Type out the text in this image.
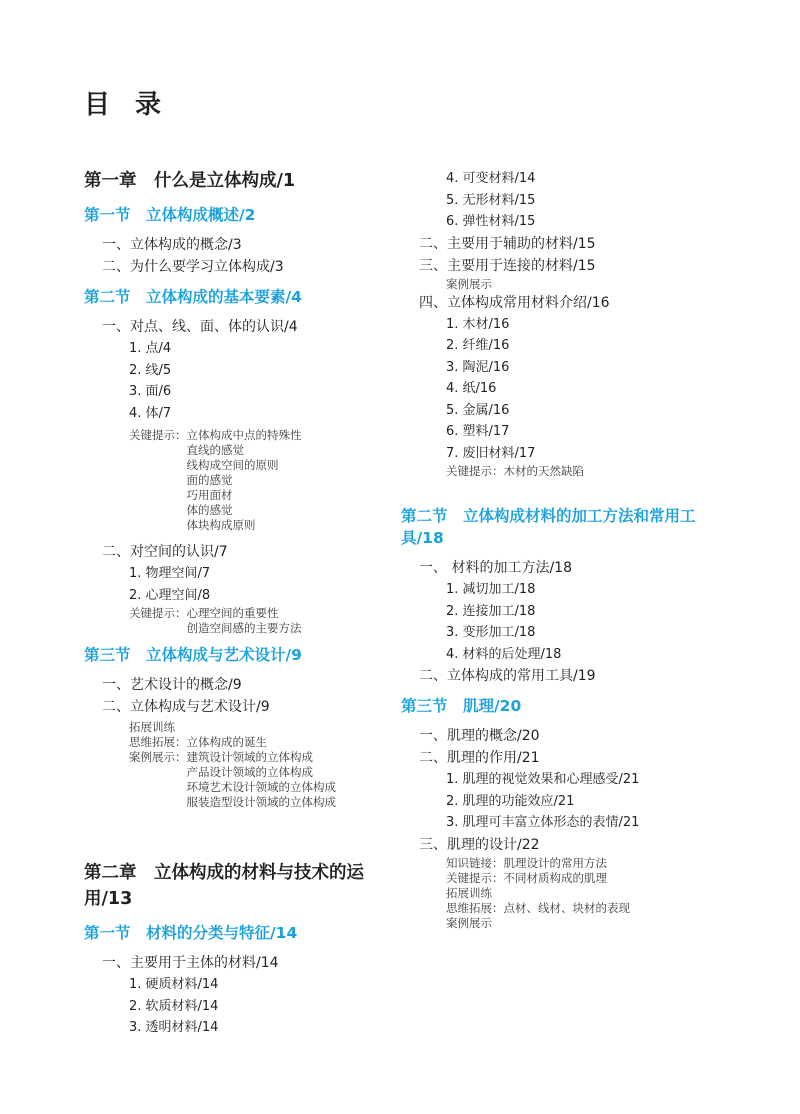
目 录
第一章　什么是立体构成/1
第一节　立体构成概述/2
一、立体构成的概念/3
二、为什么要学习立体构成/3
第二节　立体构成的基本要素/4
一、对点、线、面、体的认识/4
1. 点/4
2. 线/5
3. 面/6
4. 体/7
关键提示： 立体构成中点的特殊性
直线的感觉
线构成空间的原则
面的感觉
巧用面材
体的感觉
体块构成原则
二、对空间的认识/7
1. 物理空间/7
2. 心理空间/8
关键提示： 心理空间的重要性
创造空间感的主要方法
第三节　立体构成与艺术设计/9
一、艺术设计的概念/9
二、立体构成与艺术设计/9
拓展训练
思维拓展： 立体构成的诞生
案例展示： 建筑设计领域的立体构成
产品设计领域的立体构成
环境艺术设计领域的立体构成
服装造型设计领域的立体构成
第二章　立体构成的材料与技术的运用/13
第一节　材料的分类与特征/14
一、主要用于主体的材料/14
1. 硬质材料/14
2. 软质材料/14
3. 透明材料/14
4. 可变材料/14
5. 无形材料/15
6. 弹性材料/15
二、主要用于辅助的材料/15
三、主要用于连接的材料/15
案例展示
四、立体构成常用材料介绍/16
1. 木材/16
2. 纤维/16
3. 陶泥/16
4. 纸/16
5. 金属/16
6. 塑料/17
7. 废旧材料/17
关键提示： 木材的天然缺陷
第二节　立体构成材料的加工方法和常用工具/18
一、 材料的加工方法/18
1. 减切加工/18
2. 连接加工/18
3. 变形加工/18
4. 材料的后处理/18
二、立体构成的常用工具/19
第三节　肌理/20
一、肌理的概念/20
二、肌理的作用/21
1. 肌理的视觉效果和心理感受/21
2. 肌理的功能效应/21
3. 肌理可丰富立体形态的表情/21
三、肌理的设计/22
知识链接： 肌理设计的常用方法
关键提示： 不同材质构成的肌理
拓展训练
思维拓展： 点材、线材、块材的表现
案例展示
